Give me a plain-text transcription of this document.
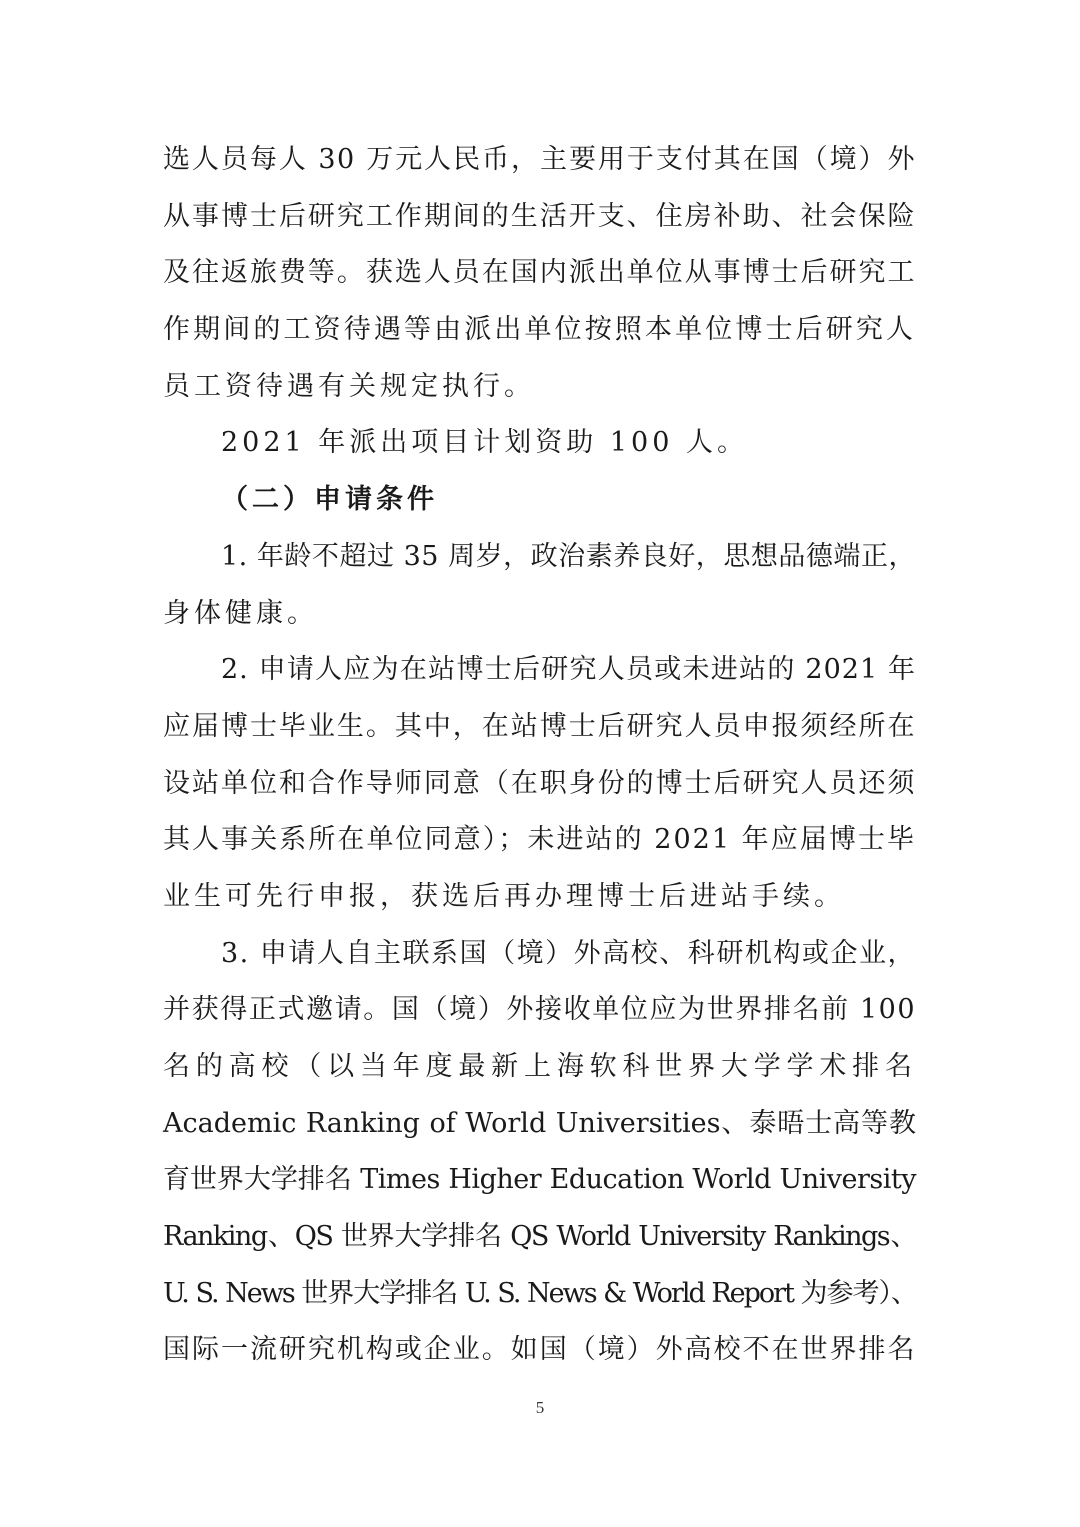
选人员每人 30 万元人民币，主要用于支付其在国（境）外
从事博士后研究工作期间的生活开支、住房补助、社会保险
及往返旅费等。获选人员在国内派出单位从事博士后研究工
作期间的工资待遇等由派出单位按照本单位博士后研究人
员工资待遇有关规定执行。
2021 年派出项目计划资助 100 人。
（二）申请条件
1. 年龄不超过 35 周岁，政治素养良好，思想品德端正，
身体健康。
2. 申请人应为在站博士后研究人员或未进站的 2021 年
应届博士毕业生。其中，在站博士后研究人员申报须经所在
设站单位和合作导师同意（在职身份的博士后研究人员还须
其人事关系所在单位同意）；未进站的 2021 年应届博士毕
业生可先行申报，获选后再办理博士后进站手续。
3. 申请人自主联系国（境）外高校、科研机构或企业，
并获得正式邀请。国（境）外接收单位应为世界排名前 100
名的高校（以当年度最新上海软科世界大学学术排名
Academic Ranking of World Universities、泰晤士高等教
育世界大学排名 Times Higher Education World University
Ranking、QS 世界大学排名 QS World University Rankings、
U. S. News 世界大学排名 U. S. News & World Report 为参考）、
国际一流研究机构或企业。如国（境）外高校不在世界排名
5
